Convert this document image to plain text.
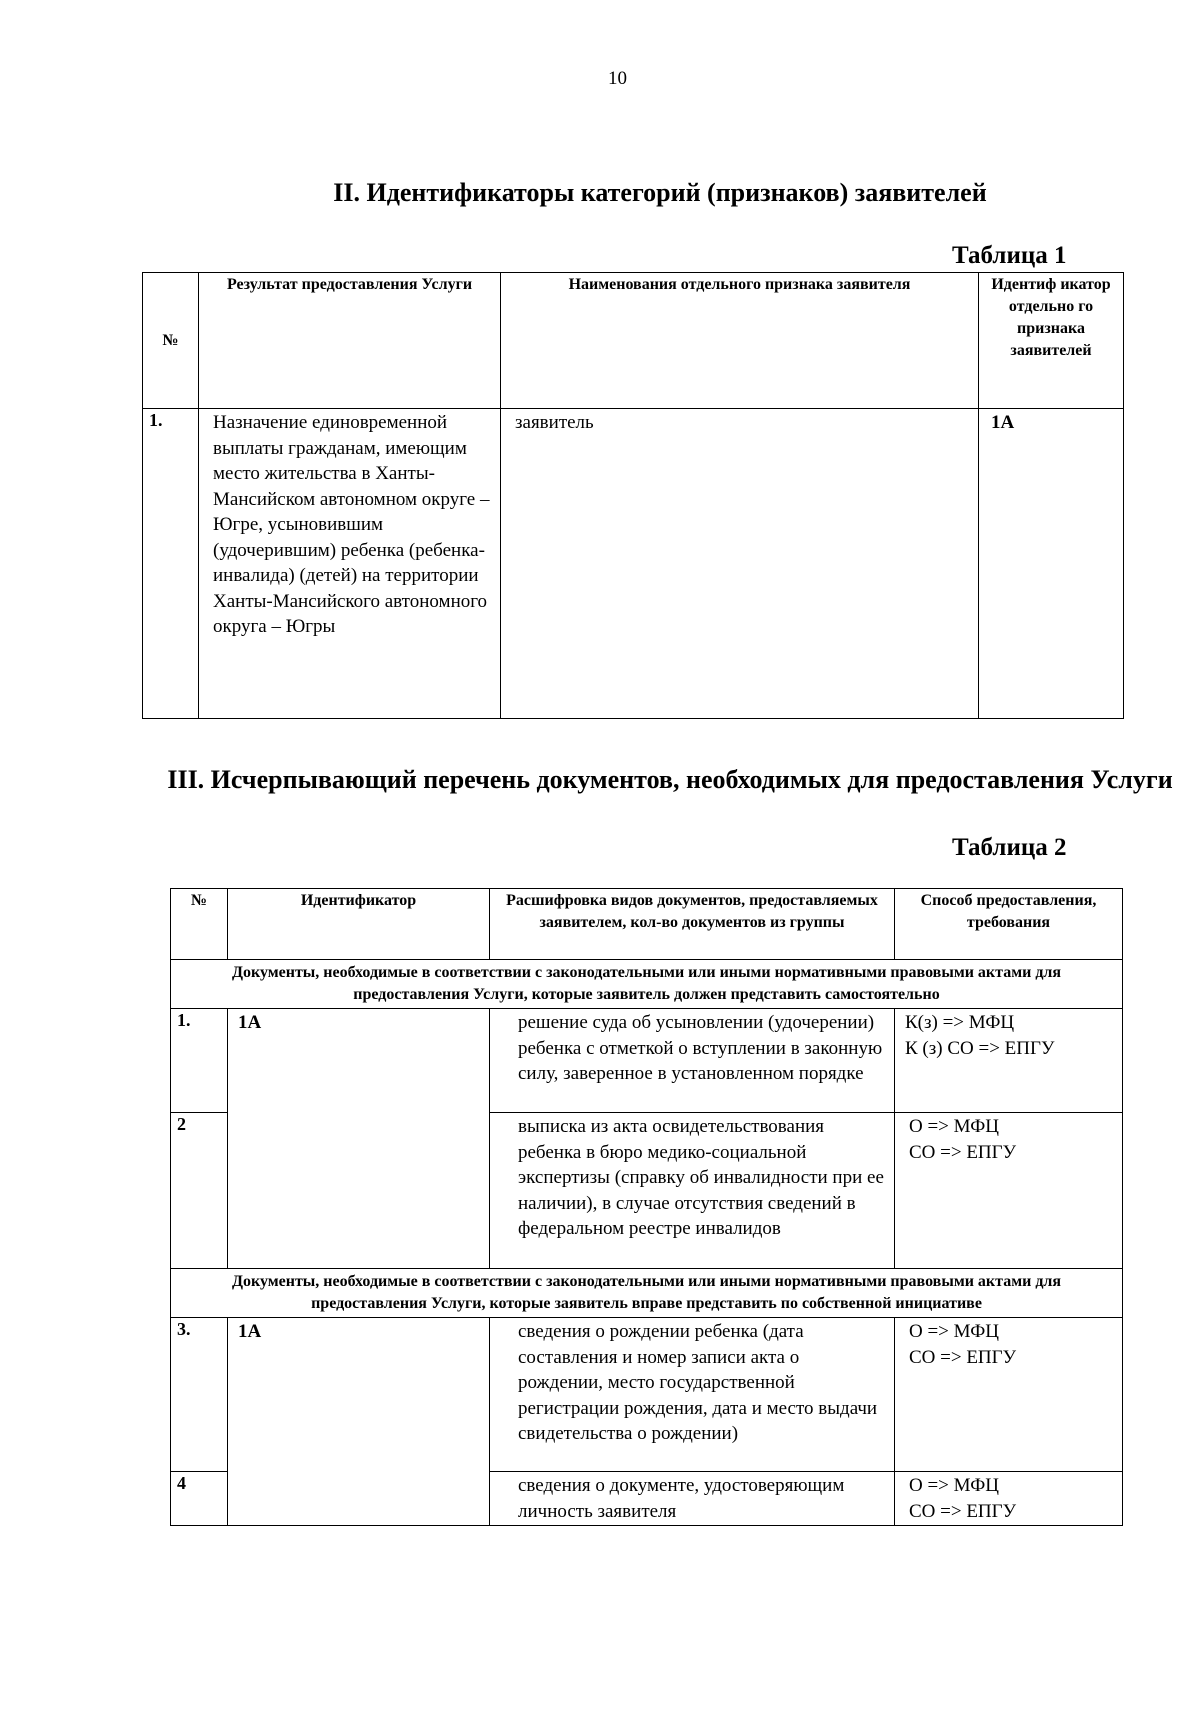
10
II. Идентификаторы категорий (признаков) заявителей
Таблица 1
№	Результат предоставления Услуги	Наименования отдельного признака заявителя	Идентиф икатор отдельно го признака заявителей
1.	Назначение единовременной выплаты гражданам, имеющим место жительства в Ханты-Мансийском автономном округе – Югре, усыновившим (удочерившим) ребенка (ребенка-инвалида) (детей) на территории Ханты-Мансийского автономного округа – Югры	заявитель	1А
III. Исчерпывающий перечень документов, необходимых для предоставления Услуги
Таблица 2
№	Идентификатор	Расшифровка видов документов, предоставляемых заявителем, кол-во документов из группы	Способ предоставления, требования
Документы, необходимые в соответствии с законодательными или иными нормативными правовыми актами для предоставления Услуги, которые заявитель должен представить самостоятельно			
1.	1А	решение суда об усыновлении (удочерении) ребенка с отметкой о вступлении в законную силу, заверенное в установленном порядке	К(з) => МФЦ
К (з) СО => ЕПГУ

2		выписка из акта освидетельствования ребенка в бюро медико-социальной экспертизы (справку об инвалидности при ее наличии), в случае отсутствия сведений в федеральном реестре инвалидов	О => МФЦ
СО => ЕПГУ

Документы, необходимые в соответствии с законодательными или иными нормативными правовыми актами для предоставления Услуги, которые заявитель вправе представить по собственной инициативе			
3.	1А	сведения о рождении ребенка (дата составления и номер записи акта о рождении, место государственной регистрации рождения, дата и место выдачи свидетельства о рождении)	О => МФЦ
СО => ЕПГУ

4		сведения о документе, удостоверяющим личность заявителя	О => МФЦ
СО => ЕПГУ
